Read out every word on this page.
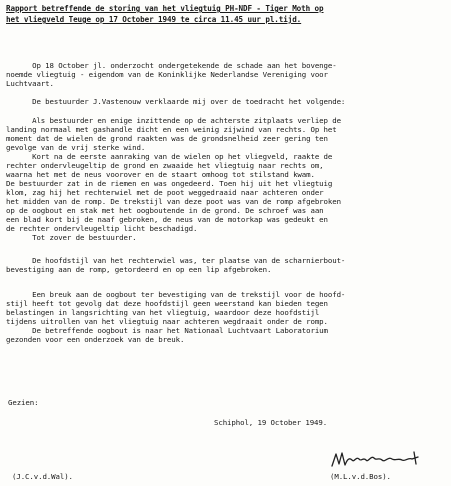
Rapport betreffende de storing van het vliegtuig PH-NDF - Tiger Moth op
het vliegveld Teuge op 17 October 1949 te circa 11.45 uur pl.tijd.
Op 18 October jl. onderzocht ondergetekende de schade aan het bovenge-
noemde vliegtuig - eigendom van de Koninklijke Nederlandse Vereniging voor
Luchtvaart.
De bestuurder J.Vastenouw verklaarde mij over de toedracht het volgende:
Als bestuurder en enige inzittende op de achterste zitplaats verliep de
landing normaal met gashandle dicht en een weinig zijwind van rechts. Op het
moment dat de wielen de grond raakten was de grondsnelheid zeer gering ten
gevolge van de vrij sterke wind.
Kort na de eerste aanraking van de wielen op het vliegveld, raakte de
rechter ondervleugeltip de grond en zwaaide het vliegtuig naar rechts om,
waarna het met de neus voorover en de staart omhoog tot stilstand kwam.
De bestuurder zat in de riemen en was ongedeerd. Toen hij uit het vliegtuig
klom, zag hij het rechterwiel met de poot weggedraaid naar achteren onder
het midden van de romp. De trekstijl van deze poot was van de romp afgebroken
op de oogbout en stak met het oogboutende in de grond. De schroef was aan
een blad kort bij de naaf gebroken, de neus van de motorkap was gedeukt en
de rechter ondervleugeltip licht beschadigd.
Tot zover de bestuurder.
De hoofdstijl van het rechterwiel was, ter plaatse van de scharnierbout-
bevestiging aan de romp, getordeerd en op een lip afgebroken.
Een breuk aan de oogbout ter bevestiging van de trekstijl voor de hoofd-
stijl heeft tot gevolg dat deze hoofdstijl geen weerstand kan bieden tegen
belastingen in langsrichting van het vliegtuig, waardoor deze hoofdstijl
tijdens uitrollen van het vliegtuig naar achteren wegdraait onder de romp.
De betreffende oogbout is naar het Nationaal Luchtvaart Laboratorium
gezonden voor een onderzoek van de breuk.
Gezien:
Schiphol, 19 October 1949.
(J.C.v.d.Wal).	(M.L.v.d.Bos).
